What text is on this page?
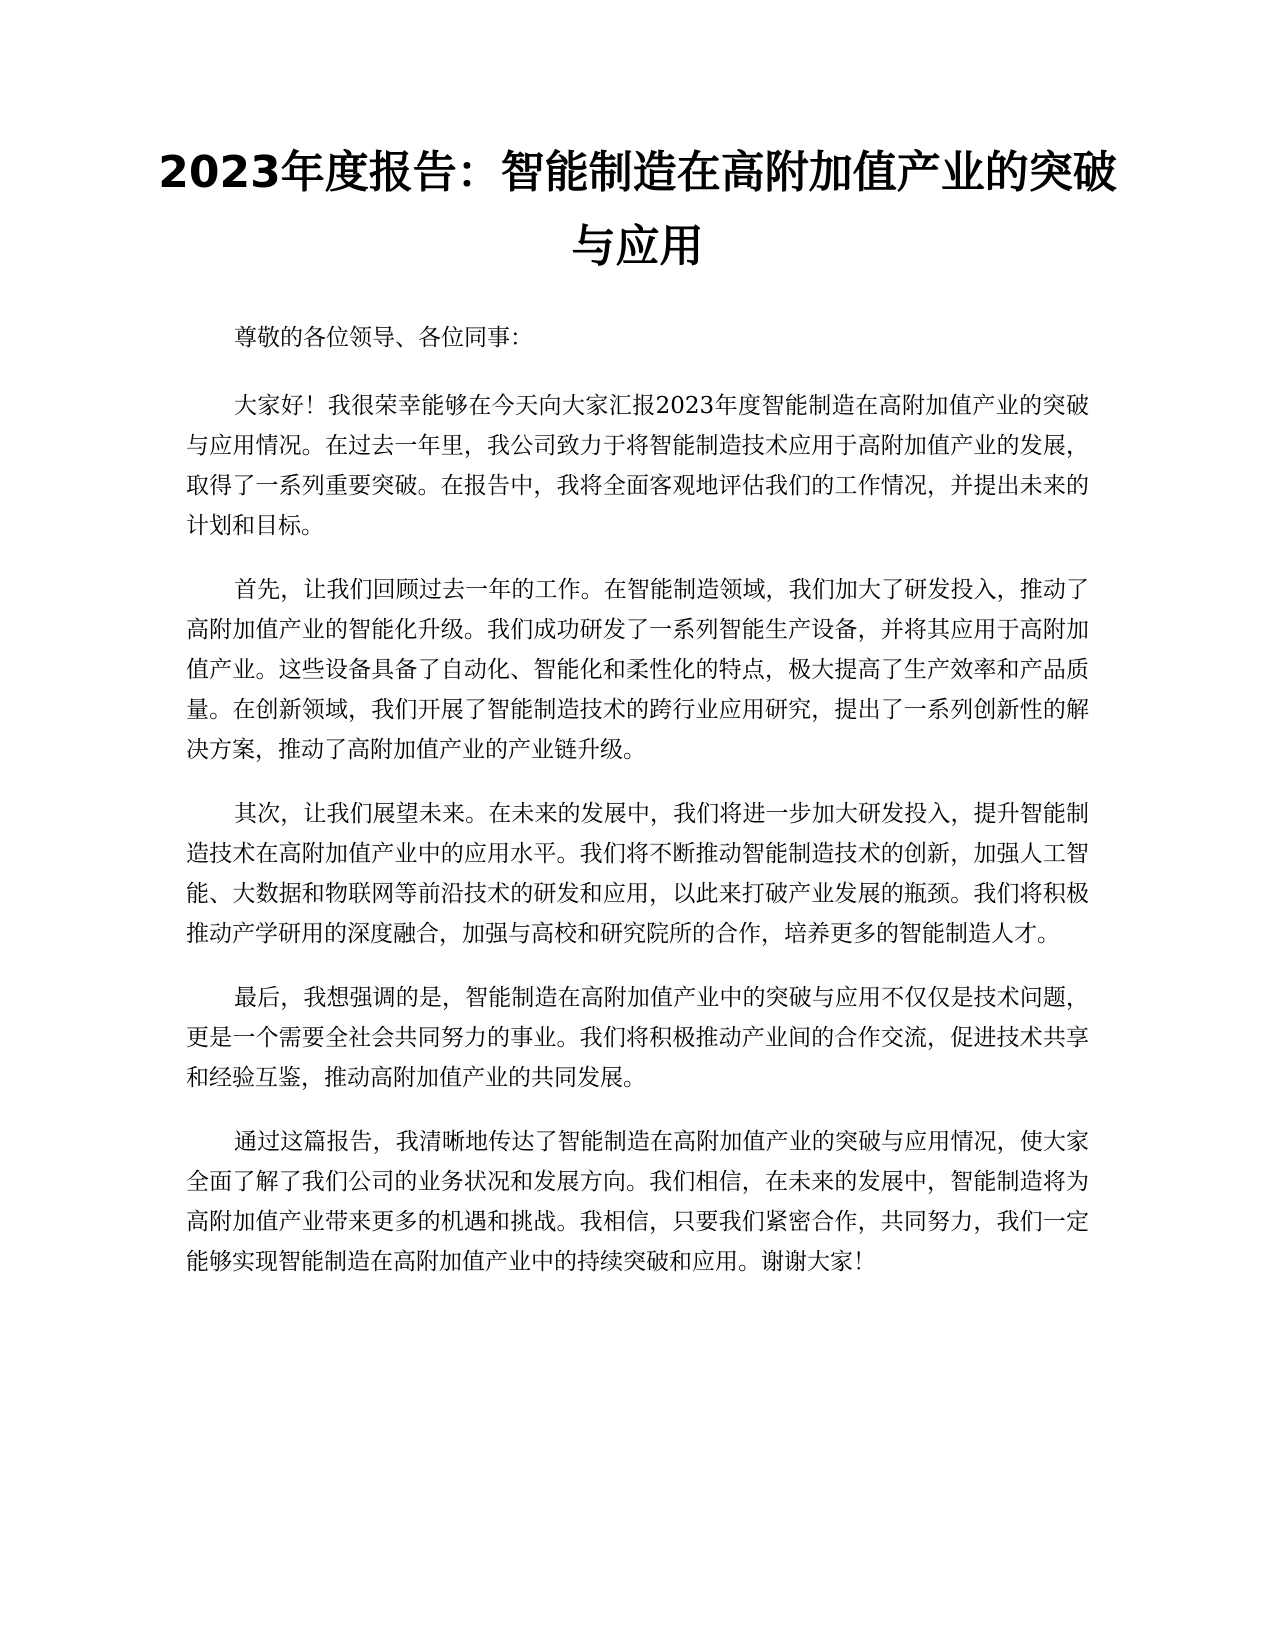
2023年度报告：智能制造在高附加值产业的突破与应用

尊敬的各位领导、各位同事：

大家好！我很荣幸能够在今天向大家汇报2023年度智能制造在高附加值产业的突破与应用情况。在过去一年里，我公司致力于将智能制造技术应用于高附加值产业的发展，取得了一系列重要突破。在报告中，我将全面客观地评估我们的工作情况，并提出未来的计划和目标。

首先，让我们回顾过去一年的工作。在智能制造领域，我们加大了研发投入，推动了高附加值产业的智能化升级。我们成功研发了一系列智能生产设备，并将其应用于高附加值产业。这些设备具备了自动化、智能化和柔性化的特点，极大提高了生产效率和产品质量。在创新领域，我们开展了智能制造技术的跨行业应用研究，提出了一系列创新性的解决方案，推动了高附加值产业的产业链升级。

其次，让我们展望未来。在未来的发展中，我们将进一步加大研发投入，提升智能制造技术在高附加值产业中的应用水平。我们将不断推动智能制造技术的创新，加强人工智能、大数据和物联网等前沿技术的研发和应用，以此来打破产业发展的瓶颈。我们将积极推动产学研用的深度融合，加强与高校和研究院所的合作，培养更多的智能制造人才。

最后，我想强调的是，智能制造在高附加值产业中的突破与应用不仅仅是技术问题，更是一个需要全社会共同努力的事业。我们将积极推动产业间的合作交流，促进技术共享和经验互鉴，推动高附加值产业的共同发展。

通过这篇报告，我清晰地传达了智能制造在高附加值产业的突破与应用情况，使大家全面了解了我们公司的业务状况和发展方向。我们相信，在未来的发展中，智能制造将为高附加值产业带来更多的机遇和挑战。我相信，只要我们紧密合作，共同努力，我们一定能够实现智能制造在高附加值产业中的持续突破和应用。谢谢大家！
